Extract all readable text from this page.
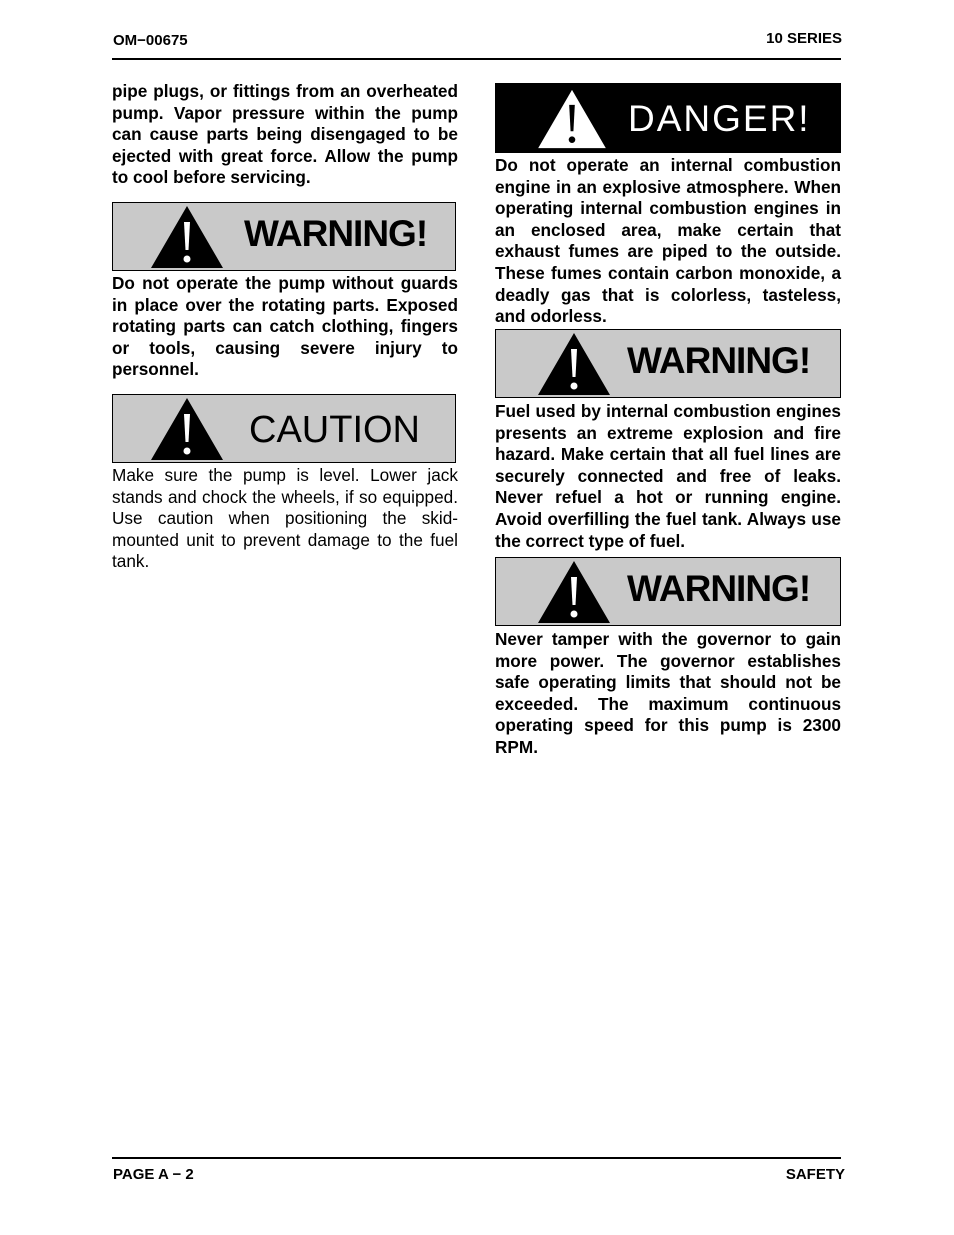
OM−00675	10 SERIES

pipe plugs, or fittings from an overheated pump. Vapor pressure within the pump can cause parts being disengaged to be ejected with great force. Allow the pump to cool before servicing.

WARNING!

Do not operate the pump without guards in place over the rotating parts. Exposed rotating parts can catch clothing, fingers or tools, causing severe injury to personnel.

CAUTION

Make sure the pump is level. Lower jack stands and chock the wheels, if so equipped. Use caution when positioning the skid-mounted unit to prevent damage to the fuel tank.

DANGER!

Do not operate an internal combustion engine in an explosive atmosphere. When operating internal combustion engines in an enclosed area, make certain that exhaust fumes are piped to the outside. These fumes contain carbon monoxide, a deadly gas that is colorless, tasteless, and odorless.

WARNING!

Fuel used by internal combustion engines presents an extreme explosion and fire hazard. Make certain that all fuel lines are securely connected and free of leaks. Never refuel a hot or running engine. Avoid overfilling the fuel tank. Always use the correct type of fuel.

WARNING!

Never tamper with the governor to gain more power. The governor establishes safe operating limits that should not be exceeded. The maximum continuous operating speed for this pump is 2300 RPM.

PAGE A − 2	SAFETY
